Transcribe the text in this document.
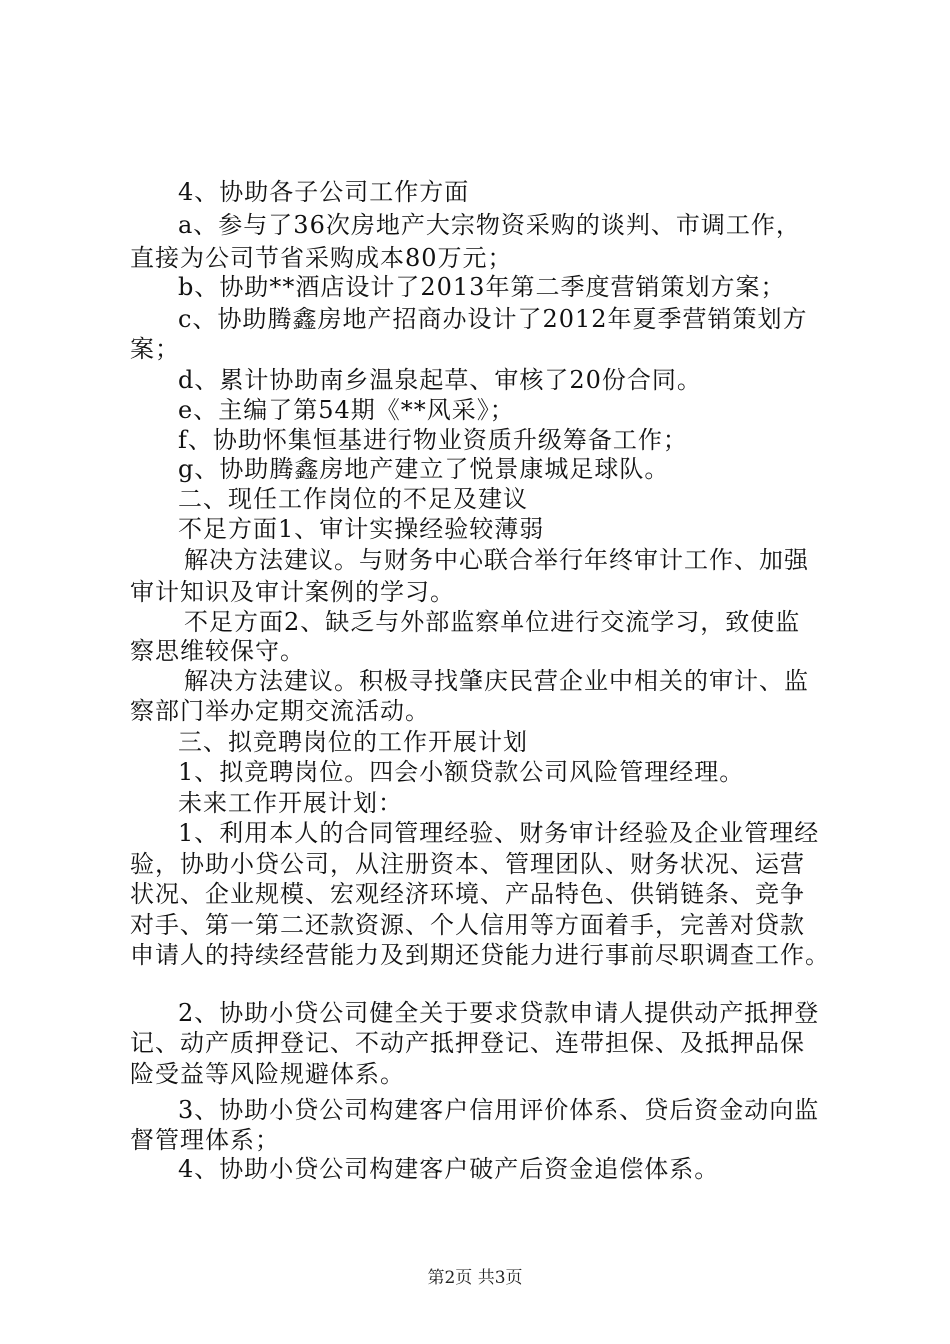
4、协助各子公司工作方面
a、参与了36次房地产大宗物资采购的谈判、市调工作，
直接为公司节省采购成本80万元；
b、协助**酒店设计了2013年第二季度营销策划方案；
c、协助腾鑫房地产招商办设计了2012年夏季营销策划方
案；
d、累计协助南乡温泉起草、审核了20份合同。
e、主编了第54期《**风采》；
f、协助怀集恒基进行物业资质升级筹备工作；
g、协助腾鑫房地产建立了悦景康城足球队。
二、现任工作岗位的不足及建议
不足方面1、审计实操经验较薄弱
解决方法建议。与财务中心联合举行年终审计工作、加强
审计知识及审计案例的学习。
不足方面2、缺乏与外部监察单位进行交流学习，致使监
察思维较保守。
解决方法建议。积极寻找肇庆民营企业中相关的审计、监
察部门举办定期交流活动。
三、拟竞聘岗位的工作开展计划
1、拟竞聘岗位。四会小额贷款公司风险管理经理。
未来工作开展计划：
1、利用本人的合同管理经验、财务审计经验及企业管理经
验，协助小贷公司，从注册资本、管理团队、财务状况、运营
状况、企业规模、宏观经济环境、产品特色、供销链条、竞争
对手、第一第二还款资源、个人信用等方面着手，完善对贷款
申请人的持续经营能力及到期还贷能力进行事前尽职调查工作。
2、协助小贷公司健全关于要求贷款申请人提供动产抵押登
记、动产质押登记、不动产抵押登记、连带担保、及抵押品保
险受益等风险规避体系。
3、协助小贷公司构建客户信用评价体系、贷后资金动向监
督管理体系；
4、协助小贷公司构建客户破产后资金追偿体系。
第2页 共3页
